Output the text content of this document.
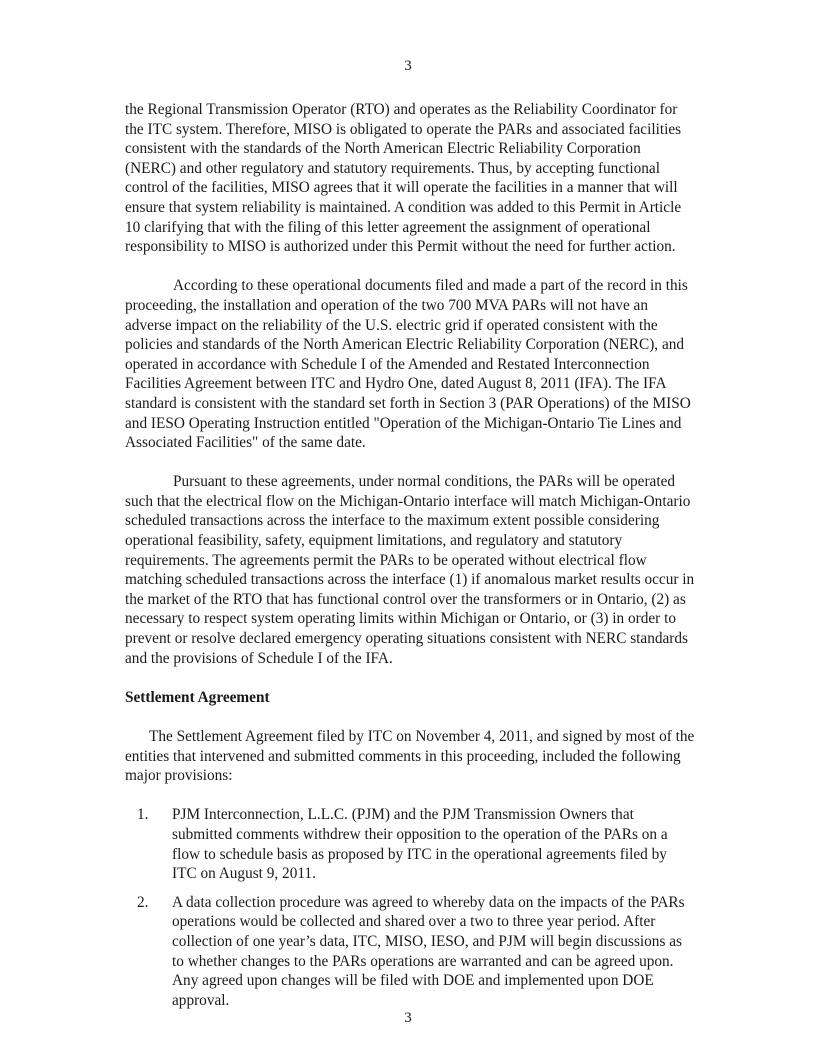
3

the Regional Transmission Operator (RTO) and operates as the Reliability Coordinator for the ITC system. Therefore, MISO is obligated to operate the PARs and associated facilities consistent with the standards of the North American Electric Reliability Corporation (NERC) and other regulatory and statutory requirements. Thus, by accepting functional control of the facilities, MISO agrees that it will operate the facilities in a manner that will ensure that system reliability is maintained. A condition was added to this Permit in Article 10 clarifying that with the filing of this letter agreement the assignment of operational responsibility to MISO is authorized under this Permit without the need for further action.

According to these operational documents filed and made a part of the record in this proceeding, the installation and operation of the two 700 MVA PARs will not have an adverse impact on the reliability of the U.S. electric grid if operated consistent with the policies and standards of the North American Electric Reliability Corporation (NERC), and operated in accordance with Schedule I of the Amended and Restated Interconnection Facilities Agreement between ITC and Hydro One, dated August 8, 2011 (IFA). The IFA standard is consistent with the standard set forth in Section 3 (PAR Operations) of the MISO and IESO Operating Instruction entitled "Operation of the Michigan-Ontario Tie Lines and Associated Facilities" of the same date.

Pursuant to these agreements, under normal conditions, the PARs will be operated such that the electrical flow on the Michigan-Ontario interface will match Michigan-Ontario scheduled transactions across the interface to the maximum extent possible considering operational feasibility, safety, equipment limitations, and regulatory and statutory requirements. The agreements permit the PARs to be operated without electrical flow matching scheduled transactions across the interface (1) if anomalous market results occur in the market of the RTO that has functional control over the transformers or in Ontario, (2) as necessary to respect system operating limits within Michigan or Ontario, or (3) in order to prevent or resolve declared emergency operating situations consistent with NERC standards and the provisions of Schedule I of the IFA.

Settlement Agreement

The Settlement Agreement filed by ITC on November 4, 2011, and signed by most of the entities that intervened and submitted comments in this proceeding, included the following major provisions:

1. PJM Interconnection, L.L.C. (PJM) and the PJM Transmission Owners that submitted comments withdrew their opposition to the operation of the PARs on a flow to schedule basis as proposed by ITC in the operational agreements filed by ITC on August 9, 2011.
2. A data collection procedure was agreed to whereby data on the impacts of the PARs operations would be collected and shared over a two to three year period. After collection of one year’s data, ITC, MISO, IESO, and PJM will begin discussions as to whether changes to the PARs operations are warranted and can be agreed upon. Any agreed upon changes will be filed with DOE and implemented upon DOE approval.
3
